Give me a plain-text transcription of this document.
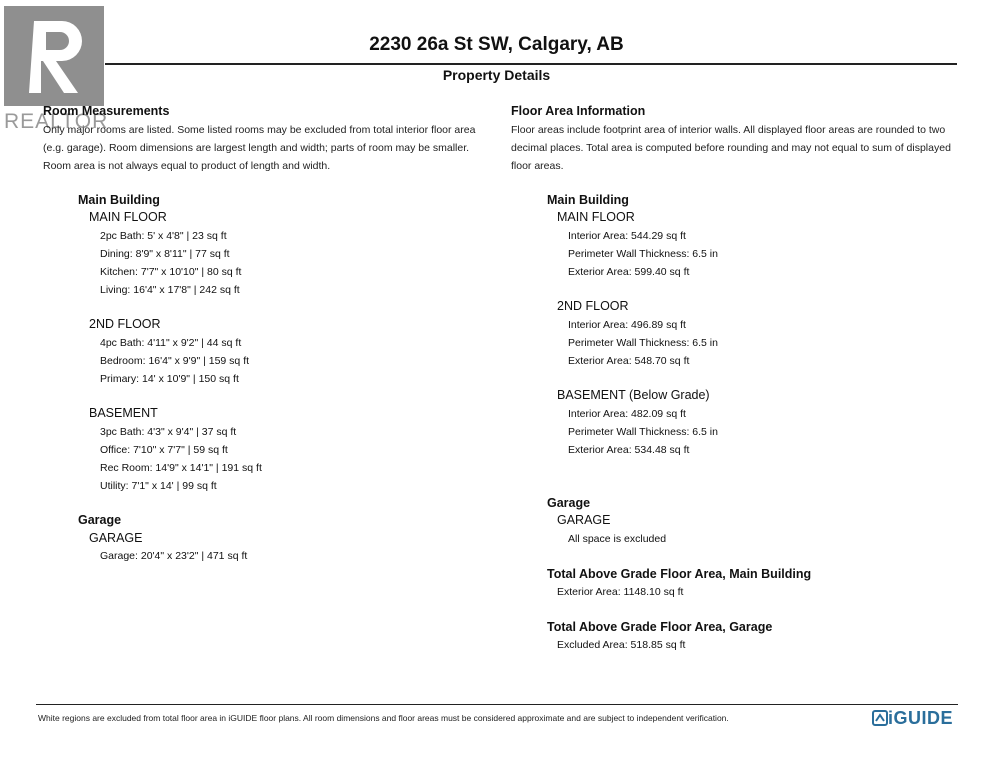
REALTOR
2230 26a St SW, Calgary, AB
Property Details
Room Measurements
Only major rooms are listed. Some listed rooms may be excluded from total interior floor area
(e.g. garage). Room dimensions are largest length and width; parts of room may be smaller.
Room area is not always equal to product of length and width.
Main Building
MAIN FLOOR
2pc Bath: 5' x 4'8" | 23 sq ft
Dining: 8'9" x 8'11" | 77 sq ft
Kitchen: 7'7" x 10'10" | 80 sq ft
Living: 16'4" x 17'8" | 242 sq ft
2ND FLOOR
4pc Bath: 4'11" x 9'2" | 44 sq ft
Bedroom: 16'4" x 9'9" | 159 sq ft
Primary: 14' x 10'9" | 150 sq ft
BASEMENT
3pc Bath: 4'3" x 9'4" | 37 sq ft
Office: 7'10" x 7'7" | 59 sq ft
Rec Room: 14'9" x 14'1" | 191 sq ft
Utility: 7'1" x 14' | 99 sq ft
Garage
GARAGE
Garage: 20'4" x 23'2" | 471 sq ft
Floor Area Information
Floor areas include footprint area of interior walls. All displayed floor areas are rounded to two
decimal places. Total area is computed before rounding and may not equal to sum of displayed
floor areas.
Main Building
MAIN FLOOR
Interior Area: 544.29 sq ft
Perimeter Wall Thickness: 6.5 in
Exterior Area: 599.40 sq ft
2ND FLOOR
Interior Area: 496.89 sq ft
Perimeter Wall Thickness: 6.5 in
Exterior Area: 548.70 sq ft
BASEMENT (Below Grade)
Interior Area: 482.09 sq ft
Perimeter Wall Thickness: 6.5 in
Exterior Area: 534.48 sq ft
Garage
GARAGE
All space is excluded
Total Above Grade Floor Area, Main Building
Exterior Area: 1148.10 sq ft
Total Above Grade Floor Area, Garage
Excluded Area: 518.85 sq ft
White regions are excluded from total floor area in iGUIDE floor plans. All room dimensions and floor areas must be considered approximate and are subject to independent verification.	iGUIDE
